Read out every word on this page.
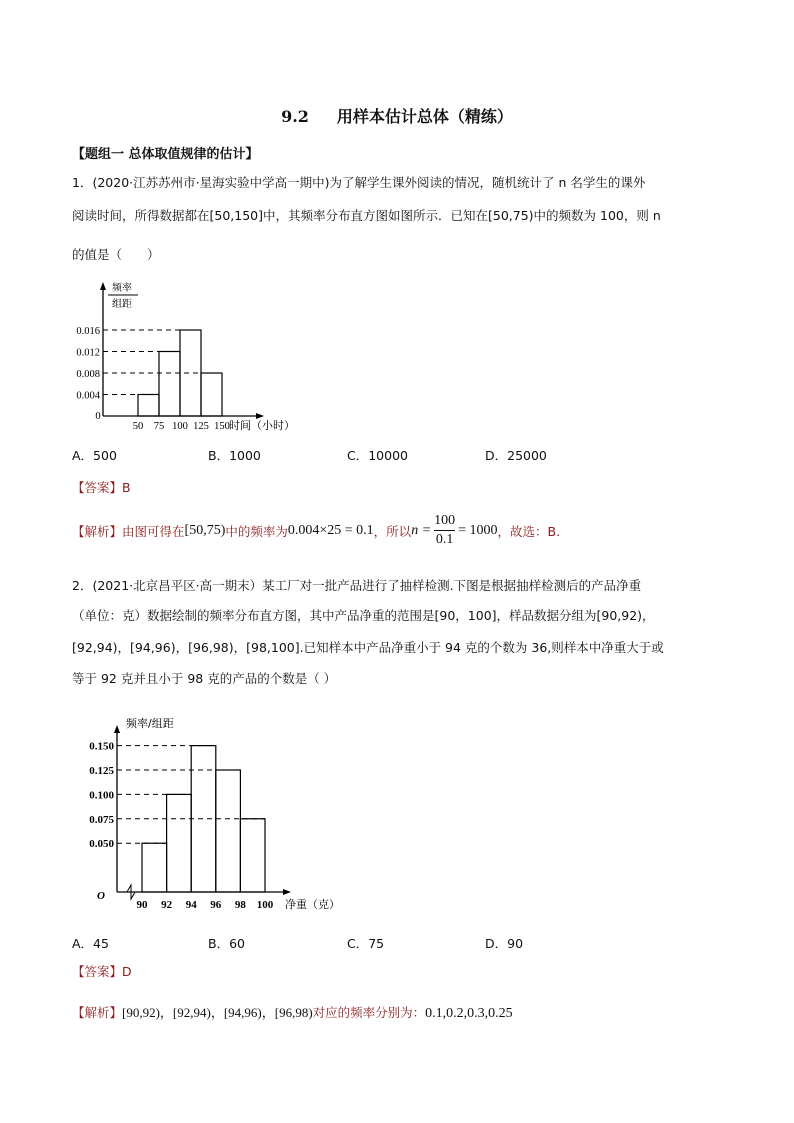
9.2 用样本估计总体（精练）
【题组一 总体取值规律的估计】
1．(2020·江苏苏州市·星海实验中学高一期中)为了解学生课外阅读的情况，随机统计了 n 名学生的课外
阅读时间，所得数据都在[50,150]中，其频率分布直方图如图所示．已知在[50,75)中的频数为 100，则 n
的值是（　　）
0.004
0.008
0.012
0.016
50 75 100 125 150
0
时间（小时）
频率
组距
0.050
0.075
0.100
0.125
0.150
90 92 94 96 98 100
O
净重（克）
频率/组距
A．500	B．1000	C．10000	D．25000
【答案】B
【解析】 由图可得在 [50,75) 中的频率为 0.004×25 = 0.1 ，所以 $n = \frac{100}{0.1} = 1000$ ，故选：B.
2．(2021·北京昌平区·高一期末）某工厂对一批产品进行了抽样检测.下图是根据抽样检测后的产品净重
（单位：克）数据绘制的频率分布直方图，其中产品净重的范围是[90，100]，样品数据分组为[90,92)，
[92,94)，[94,96)，[96,98)，[98,100].已知样本中产品净重小于 94 克的个数为 36,则样本中净重大于或
等于 92 克并且小于 98 克的产品的个数是（ ）
A．45	B．60	C．75	D．90
【答案】D
【解析】[90,92)，[92,94)，[94,96)，[96,98)对应的频率分别为：0.1,0.2,0.3,0.25
